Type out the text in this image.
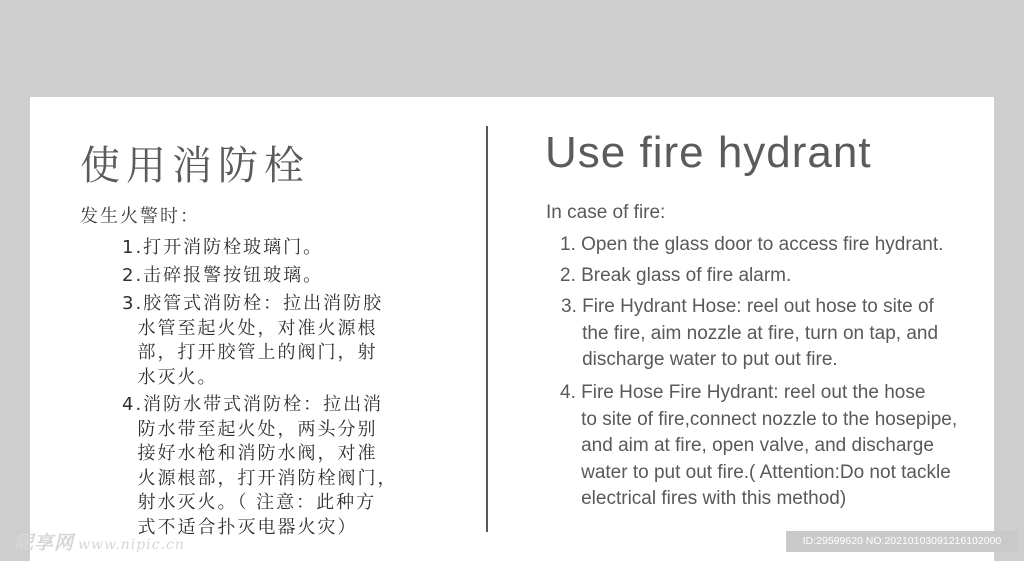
使用消防栓
发生火警时：
1.打开消防栓玻璃门。
2.击碎报警按钮玻璃。
3.胶管式消防栓：拉出消防胶
水管至起火处，对准火源根
部，打开胶管上的阀门，射
水灭火。
4.消防水带式消防栓：拉出消
防水带至起火处，两头分别
接好水枪和消防水阀，对准
火源根部，打开消防栓阀门，
射水灭火。（ 注意：此种方
式不适合扑灭电器火灾）
Use fire hydrant
In case of fire:
1. Open the glass door to access fire hydrant.
2. Break glass of fire alarm.
3. Fire Hydrant Hose: reel out hose to site of
the fire, aim nozzle at fire, turn on tap, and
discharge water to put out fire.
4. Fire Hose Fire Hydrant: reel out the hose
to site of fire,connect nozzle to the hosepipe,
and aim at fire, open valve, and discharge
water to put out fire.( Attention:Do not tackle
electrical fires with this method)
昵享网 www.nipic.cn	ID:29599620 NO:20210103091216102000
